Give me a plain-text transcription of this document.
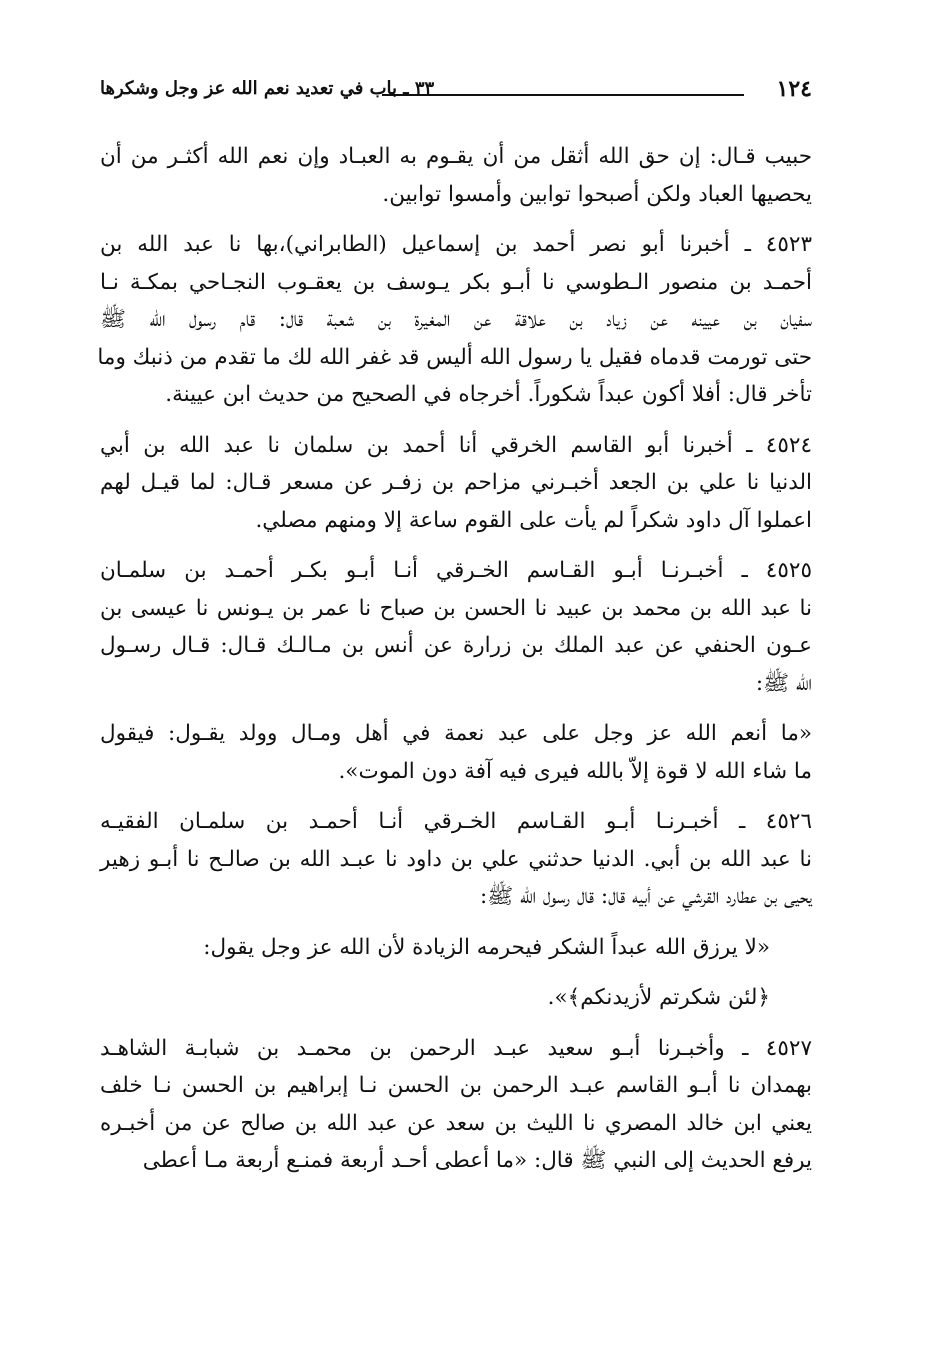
١٢٤
٣٣ ـ باب في تعديد نعم الله عز وجل وشكرها

حبيب قـال: إن حق الله أثقل من أن يقـوم به العبـاد وإن نعم الله أكثـر من أن
يحصيها العباد ولكن أصبحوا توابين وأمسوا توابين.

٤٥٢٣ ـ أخبرنا أبو نصر أحمد بن إسماعيل (الطابراني)،بها نا عبد الله بن
أحمـد بن منصور الـطوسي نا أبـو بكر يـوسف بن يعقـوب النجـاحي بمكـة نـا
سفيان بن عيينه عن زياد بن علاقة عن المغيرة بن شعبة قال: قام رسول الله ﷺ
حتى تورمت قدماه فقيل يا رسول الله أليس قد غفر الله لك ما تقدم من ذنبك وما
تأخر قال: أفلا أكون عبداً شكوراً. أخرجاه في الصحيح من حديث ابن عيينة.

٤٥٢٤ ـ أخبرنا أبو القاسم الخرقي أنا أحمد بن سلمان نا عبد الله بن أبي
الدنيا نا علي بن الجعد أخبـرني مزاحم بن زفـر عن مسعر قـال: لما قيـل لهم
اعملوا آل داود شكراً لم يأت على القوم ساعة إلا ومنهم مصلي.

٤٥٢٥ ـ أخبـرنـا أبـو القـاسم الخـرقي أنـا أبـو بكـر أحمـد بن سلمـان
نا عبد الله بن محمد بن عبيد نا الحسن بن صباح نا عمر بن يـونس نا عيسى بن
عـون الحنفي عن عبد الملك بن زرارة عن أنس بن مـالـك قـال: قـال رسـول
الله ﷺ:

«ما أنعم الله عز وجل على عبد نعمة في أهل ومـال وولد يقـول: فيقول
ما شاء الله لا قوة إلاّ بالله فيرى فيه آفة دون الموت».

٤٥٢٦ ـ أخبـرنـا أبـو القـاسم الخـرقي أنـا أحمـد بن سلمـان الفقيـه
نا عبد الله بن أبي. الدنيا حدثني علي بن داود نا عبـد الله بن صالـح نا أبـو زهير
يحيى بن عطارد القرشي عن أبيه قال: قال رسول الله ﷺ:

«لا يرزق الله عبداً الشكر فيحرمه الزيادة لأن الله عز وجل يقول:

﴿لئن شكرتم لأزيدنكم﴾».

٤٥٢٧ ـ وأخبـرنا أبـو سعيد عبـد الرحمن بن محمـد بن شبابـة الشاهـد
بهمدان نا أبـو القاسم عبـد الرحمن بن الحسن نـا إبراهيم بن الحسن نـا خلف
يعني ابن خالد المصري نا الليث بن سعد عن عبد الله بن صالح عن من أخبـره
يرفع الحديث إلى النبي ﷺ قال: «ما أعطى أحـد أربعة فمنـع أربعة مـا أعطى
